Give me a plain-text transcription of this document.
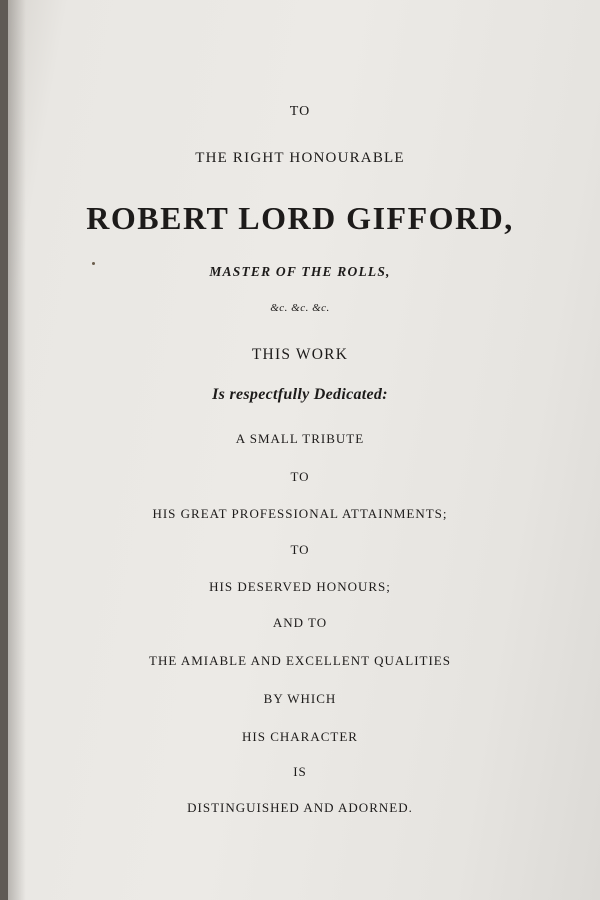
TO
THE RIGHT HONOURABLE
ROBERT LORD GIFFORD,
MASTER OF THE ROLLS,
&c. &c. &c.
THIS WORK
Is respectfully Dedicated:
A SMALL TRIBUTE
TO
HIS GREAT PROFESSIONAL ATTAINMENTS;
TO
HIS DESERVED HONOURS;
AND TO
THE AMIABLE AND EXCELLENT QUALITIES
BY WHICH
HIS CHARACTER
IS
DISTINGUISHED AND ADORNED.
